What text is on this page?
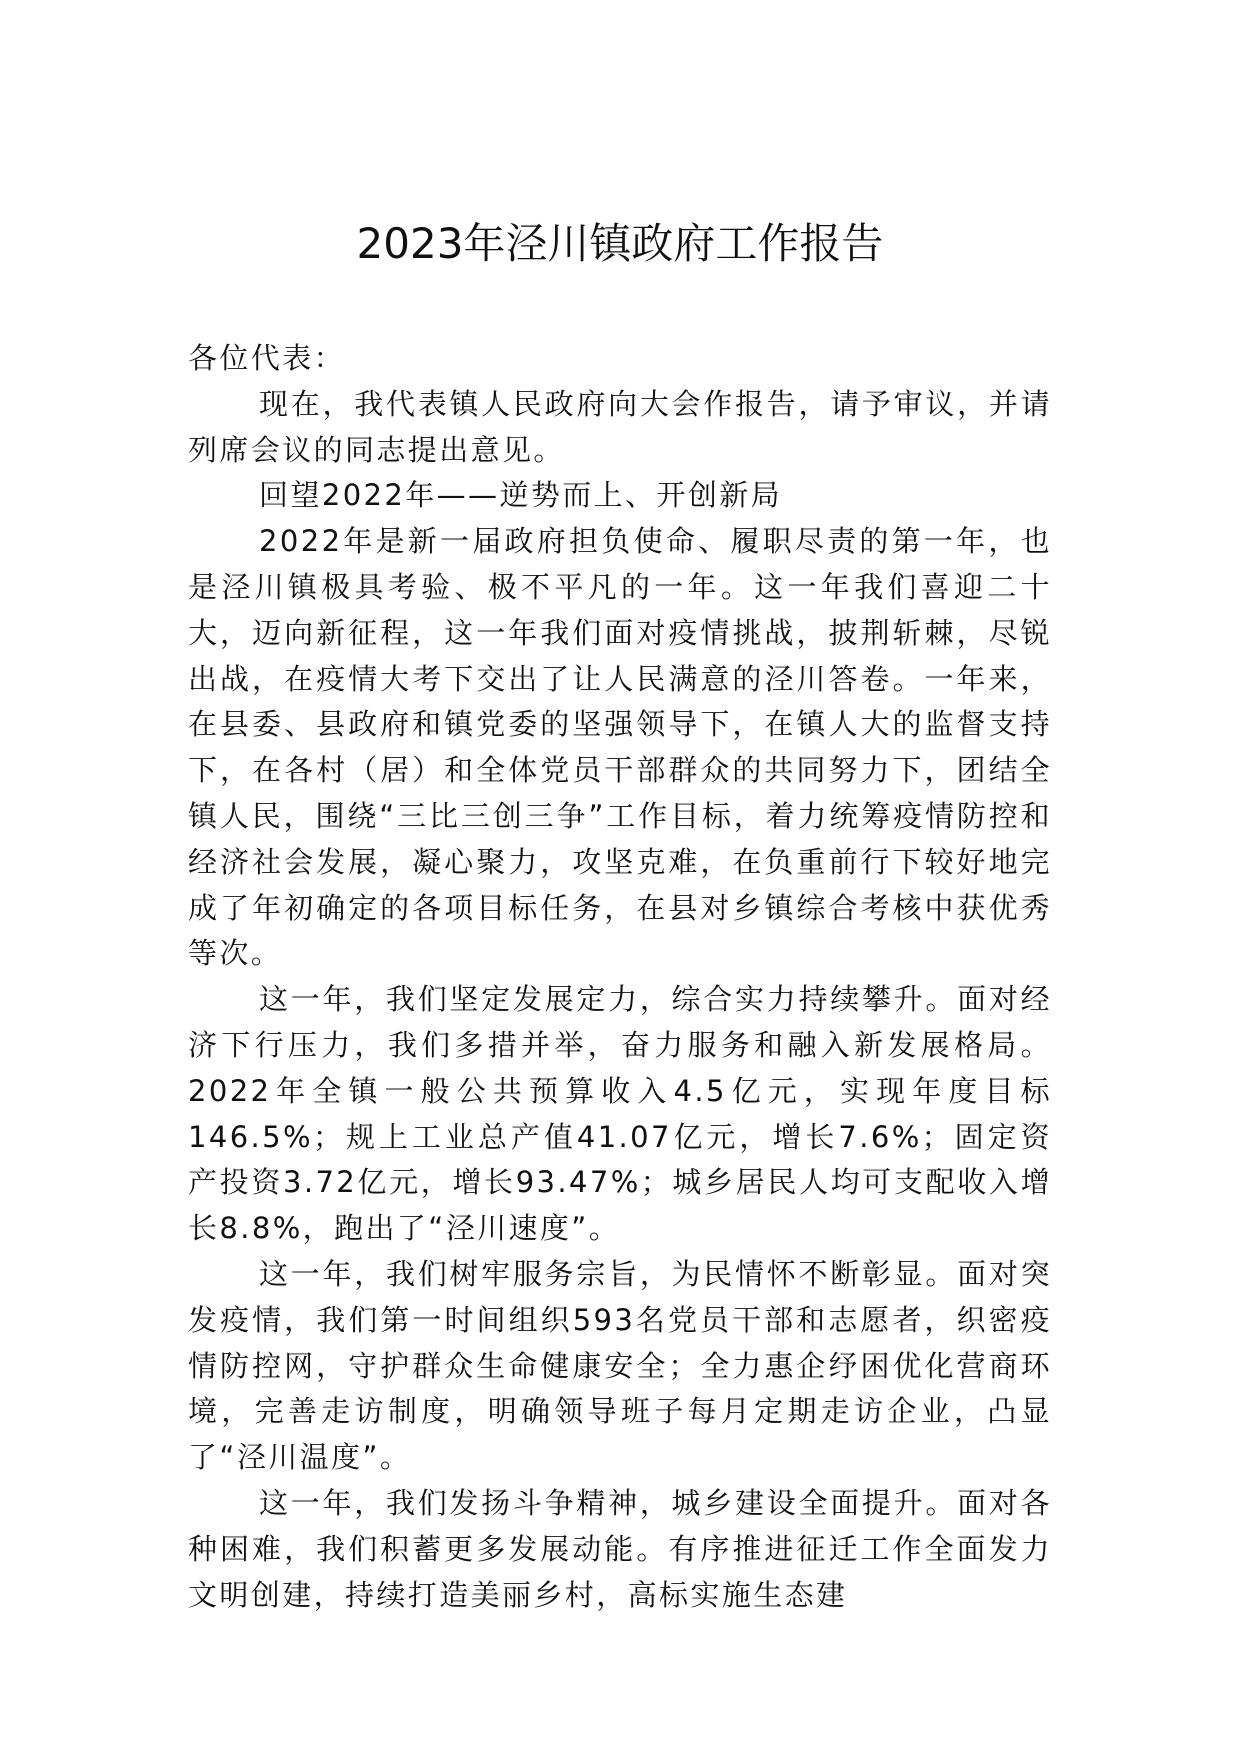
2023年泾川镇政府工作报告

各位代表：

现在，我代表镇人民政府向大会作报告，请予审议，并请列席会议的同志提出意见。

回望2022年——逆势而上、开创新局

2022年是新一届政府担负使命、履职尽责的第一年，也是泾川镇极具考验、极不平凡的一年。这一年我们喜迎二十大，迈向新征程，这一年我们面对疫情挑战，披荆斩棘，尽锐出战，在疫情大考下交出了让人民满意的泾川答卷。一年来，在县委、县政府和镇党委的坚强领导下，在镇人大的监督支持下，在各村（居）和全体党员干部群众的共同努力下，团结全镇人民，围绕“三比三创三争”工作目标，着力统筹疫情防控和经济社会发展，凝心聚力，攻坚克难，在负重前行下较好地完成了年初确定的各项目标任务，在县对乡镇综合考核中获优秀等次。

这一年，我们坚定发展定力，综合实力持续攀升。面对经济下行压力，我们多措并举，奋力服务和融入新发展格局。2022年全镇一般公共预算收入4.5亿元，实现年度目标146.5%；规上工业总产值41.07亿元，增长7.6%；固定资产投资3.72亿元，增长93.47%；城乡居民人均可支配收入增长8.8%，跑出了“泾川速度”。

这一年，我们树牢服务宗旨，为民情怀不断彰显。面对突发疫情，我们第一时间组织593名党员干部和志愿者，织密疫情防控网，守护群众生命健康安全；全力惠企纾困优化营商环境，完善走访制度，明确领导班子每月定期走访企业，凸显了“泾川温度”。

这一年，我们发扬斗争精神，城乡建设全面提升。面对各种困难，我们积蓄更多发展动能。有序推进征迁工作全面发力文明创建，持续打造美丽乡村，高标实施生态建
